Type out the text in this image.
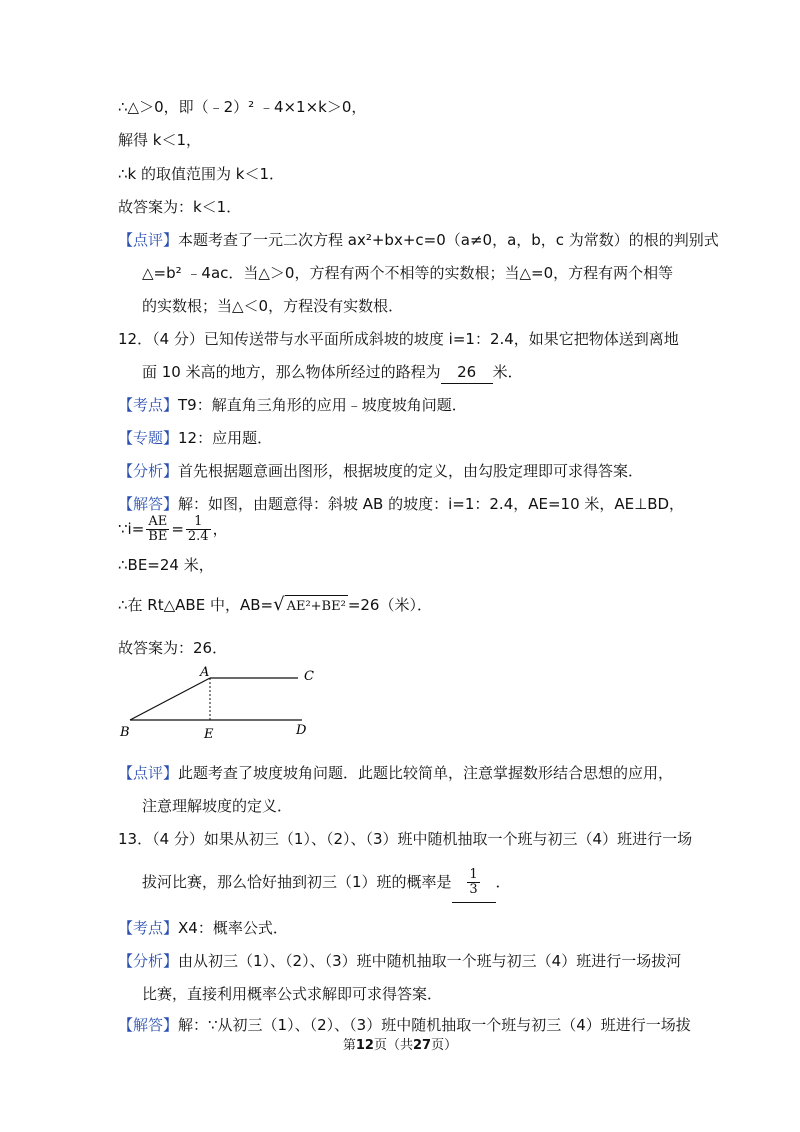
∴△＞0，即（﹣2）² ﹣4×1×k＞0，
解得 k＜1，
∴k 的取值范围为 k＜1．
故答案为：k＜1．
【点评】本题考查了一元二次方程 ax²+bx+c=0（a≠0，a，b，c 为常数）的根的判别式
△=b² ﹣4ac．当△＞0，方程有两个不相等的实数根；当△=0，方程有两个相等
的实数根；当△＜0，方程没有实数根．
12．（4 分）已知传送带与水平面所成斜坡的坡度 i=1：2.4，如果它把物体送到离地
面 10 米高的地方，那么物体所经过的路程为 26 米．
【考点】T9：解直角三角形的应用﹣坡度坡角问题．
【专题】12：应用题．
【分析】首先根据题意画出图形，根据坡度的定义，由勾股定理即可求得答案．
【解答】解：如图，由题意得：斜坡 AB 的坡度：i=1：2.4，AE=10 米，AE⊥BD，
∵i= $\frac{AE}{BE} = \frac{1}{2.4}$ ，
∴BE=24 米，
∴在 Rt△ABE 中，AB=√ AE²+BE² =26（米）．
故答案为：26．
A	C
B	E	D
【点评】此题考查了坡度坡角问题．此题比较简单，注意掌握数形结合思想的应用，
注意理解坡度的定义．
13．（4 分）如果从初三（1）、（2）、（3）班中随机抽取一个班与初三（4）班进行一场
拔河比赛，那么恰好抽到初三（1）班的概率是 $\frac{1}{3}$ ．
【考点】X4：概率公式．
【分析】由从初三（1）、（2）、（3）班中随机抽取一个班与初三（4）班进行一场拔河
比赛，直接利用概率公式求解即可求得答案．
【解答】解：∵从初三（1）、（2）、（3）班中随机抽取一个班与初三（4）班进行一场拔
第12页（共27页）
